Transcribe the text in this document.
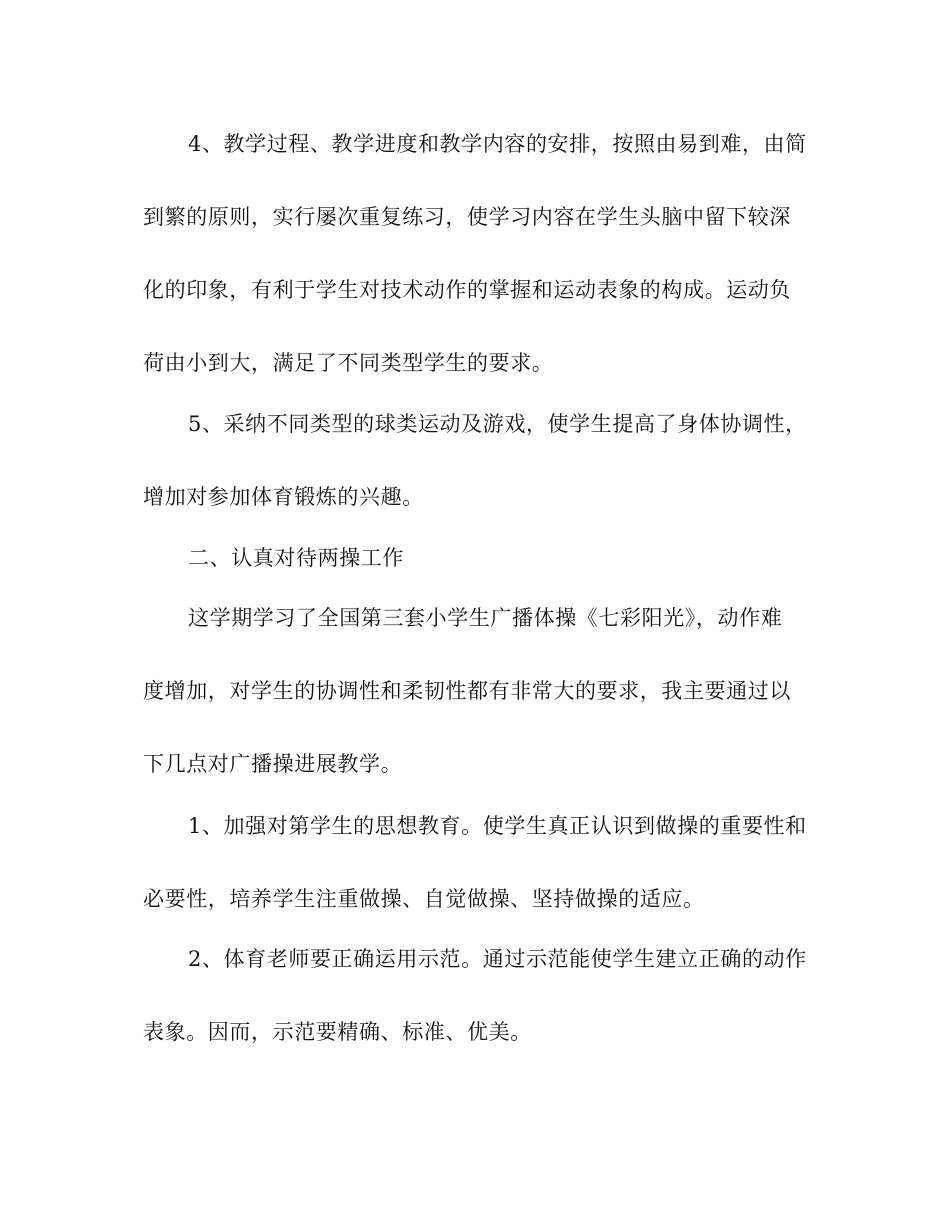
4、教学过程、教学进度和教学内容的安排，按照由易到难，由简
到繁的原则，实行屡次重复练习，使学习内容在学生头脑中留下较深
化的印象，有利于学生对技术动作的掌握和运动表象的构成。运动负
荷由小到大，满足了不同类型学生的要求。
5、采纳不同类型的球类运动及游戏，使学生提高了身体协调性，
增加对参加体育锻炼的兴趣。
二、认真对待两操工作
这学期学习了全国第三套小学生广播体操《七彩阳光》，动作难
度增加，对学生的协调性和柔韧性都有非常大的要求，我主要通过以
下几点对广播操进展教学。
1、加强对第学生的思想教育。使学生真正认识到做操的重要性和
必要性，培养学生注重做操、自觉做操、坚持做操的适应。
2、体育老师要正确运用示范。通过示范能使学生建立正确的动作
表象。因而，示范要精确、标准、优美。
